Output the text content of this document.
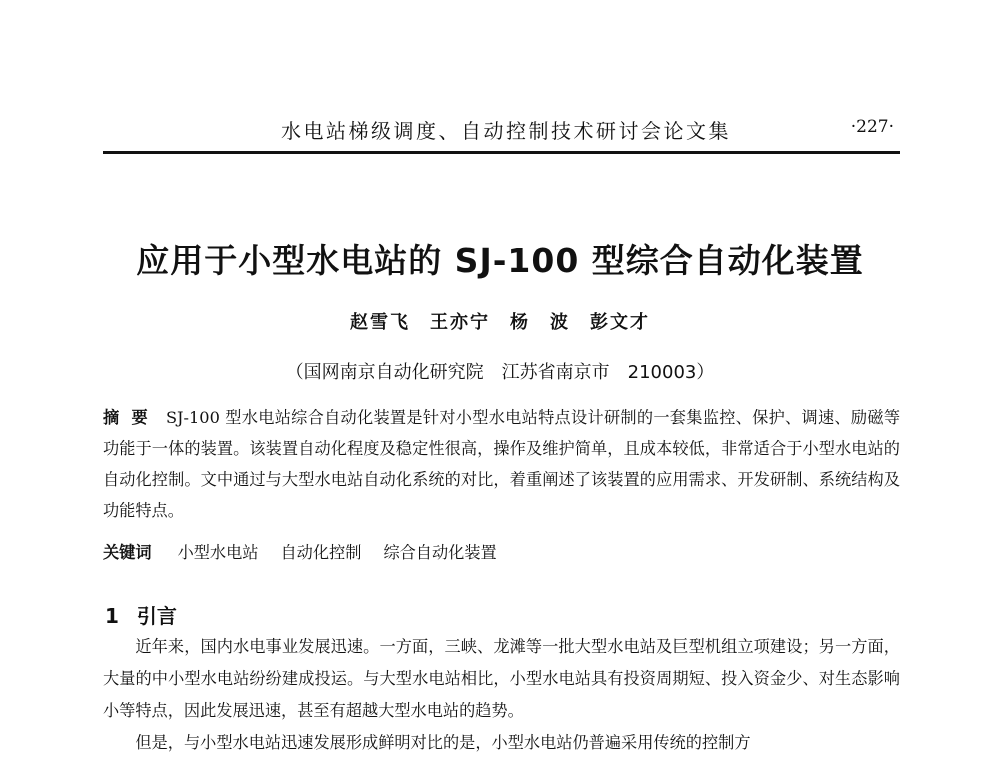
水电站梯级调度、自动控制技术研讨会论文集	·227·
应用于小型水电站的 SJ-100 型综合自动化装置
赵雪飞　王亦宁　杨　波　彭文才
（国网南京自动化研究院　江苏省南京市　210003）
摘要 SJ-100 型水电站综合自动化装置是针对小型水电站特点设计研制的一套集监控、保护、调速、励磁等功能于一体的装置。该装置自动化程度及稳定性很高，操作及维护简单，且成本较低，非常适合于小型水电站的自动化控制。文中通过与大型水电站自动化系统的对比，着重阐述了该装置的应用需求、开发研制、系统结构及功能特点。
关键词 小型水电站 自动化控制 综合自动化装置
1 引言

近年来，国内水电事业发展迅速。一方面，三峡、龙滩等一批大型水电站及巨型机组立项建设；另一方面，大量的中小型水电站纷纷建成投运。与大型水电站相比，小型水电站具有投资周期短、投入资金少、对生态影响小等特点，因此发展迅速，甚至有超越大型水电站的趋势。

但是，与小型水电站迅速发展形成鲜明对比的是，小型水电站仍普遍采用传统的控制方
